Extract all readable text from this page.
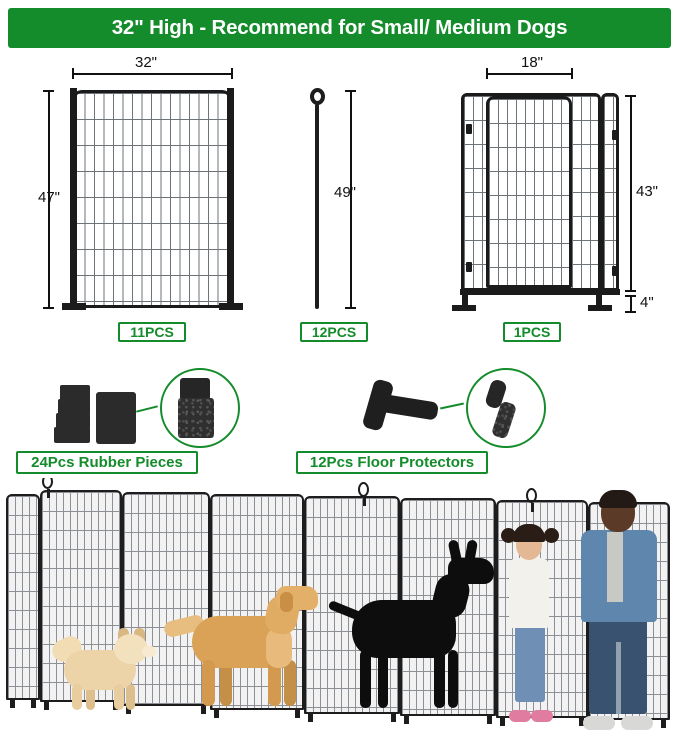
32" High - Recommend for Small/ Medium Dogs
32"
47"
11PCS
49"
12PCS
18"
43"
4"
1PCS
24Pcs Rubber Pieces	12Pcs Floor Protectors
